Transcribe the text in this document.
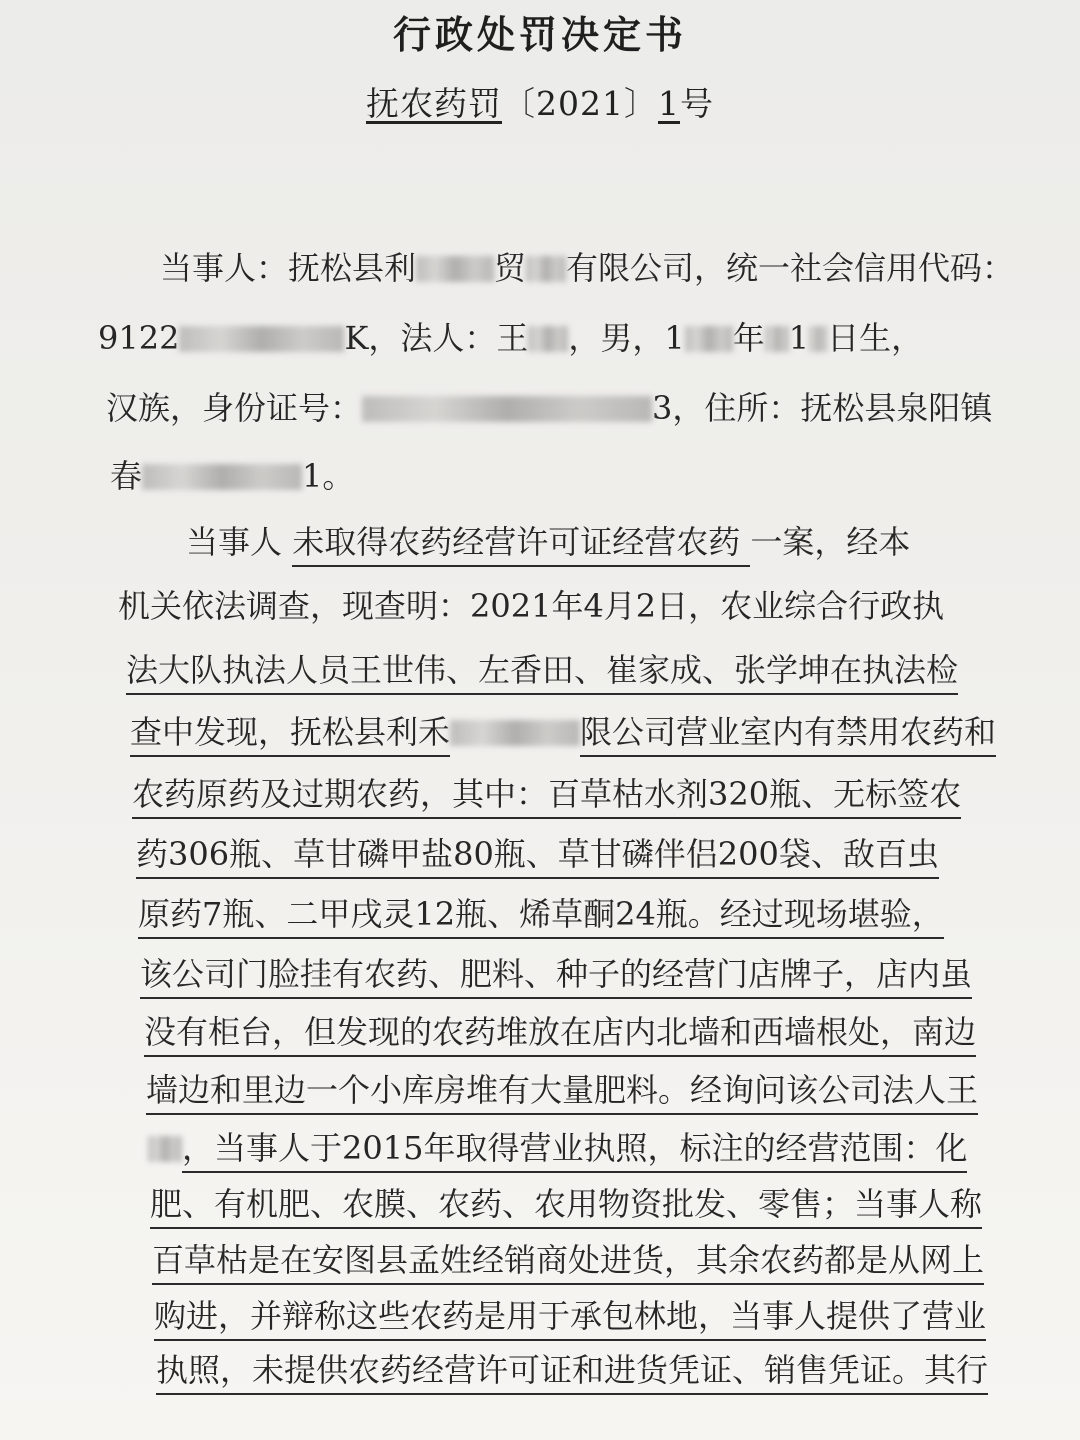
行政处罚决定书
抚农药罚〔2021〕1号
当事人：抚松县利 贸 有限公司，统一社会信用代码：
9122	K，法人：王 ，男，1 年 1 日生，
汉族，身份证号：	3，住所：抚松县泉阳镇
春	1。
当事人 未取得农药经营许可证经营农药 一案，经本
机关依法调查，现查明：2021年4月2日，农业综合行政执
法大队执法人员王世伟、左香田、崔家成、张学坤在执法检
查中发现，抚松县利禾	限公司营业室内有禁用农药和
农药原药及过期农药，其中：百草枯水剂320瓶、无标签农
药306瓶、草甘磷甲盐80瓶、草甘磷伴侣200袋、敌百虫
原药7瓶、二甲戌灵12瓶、烯草酮24瓶。经过现场堪验，
该公司门脸挂有农药、肥料、种子的经营门店牌子，店内虽
没有柜台，但发现的农药堆放在店内北墙和西墙根处，南边
墙边和里边一个小库房堆有大量肥料。经询问该公司法人王
，当事人于2015年取得营业执照，标注的经营范围：化
肥、有机肥、农膜、农药、农用物资批发、零售；当事人称
百草枯是在安图县孟姓经销商处进货，其余农药都是从网上
购进，并辩称这些农药是用于承包林地，当事人提供了营业
执照，未提供农药经营许可证和进货凭证、销售凭证。其行
